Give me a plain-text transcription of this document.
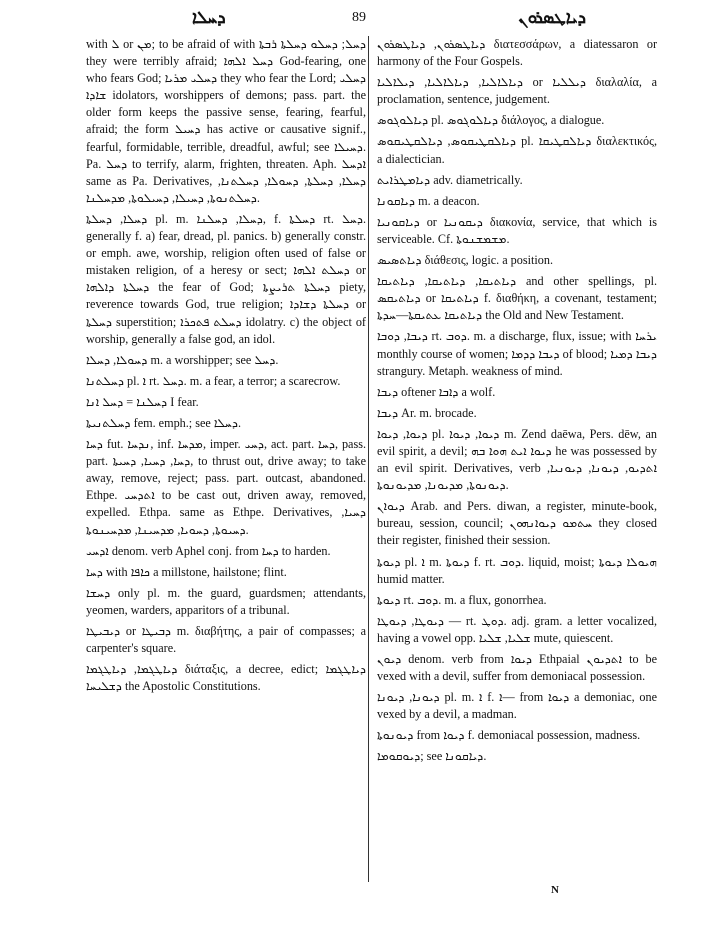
ܕܚܠܐ	89	ܕܝܐܛܣܪܘܢ

with ܠ or ܡܢ; to be afraid of with ܕܚܠ; ܕܚܠܘ ܕܚܠܬܐ ܪܒܬܐ they were terribly afraid; ܕܚܠ ܐܠܗܐ God-fearing, one who fears God; ܕܚܠܝ ܡܪܝܐ they who fear the Lord; ܕܚܠܝ ܫܐܕܐ idolators, worshippers of demons; pass. part. the older form keeps the passive sense, fearing, fearful, afraid; the form ܕܚܝܠ has active or causative signif., fearful, formidable, terrible, dreadful, awful; see ܕܚܝܠܐ. Pa. ܕܚܠ to terrify, alarm, frighten, threaten. Aph. ܐܕܚܠ same as Pa. Derivatives, ܕܚܠܐ, ܕܚܠܬܐ, ܕܚܘܠܐ, ܕܚܠܬܢܐ, ܕܚܠܬܢܘܬܐ, ܕܚܝܠܐ, ܕܚܝܠܘܬܐ, ܡܕܚܠܢܐ.

ܕܚܠܐ, ܕܚܠܬܐ pl. m. ܕܚܠܐ, ܕܚܠܢܐ, f. ܕܚܠܬܐ rt. ܕܚܠ. generally f. a) fear, dread, pl. panics. b) generally constr. or emph. awe, worship, religion often used of false or mistaken religion, of a heresy or sect; ܕܚܠܬ ܐܠܗܐ or ܕܚܠܬܐ ܕܐܠܗܐ the fear of God; ܕܚܠܬܐ ܬܪܝܨܬܐ piety, reverence towards God, true religion; ܕܚܠܬܐ ܕܫܐܕܐ or ܕܚܠܬܐ superstition; ܕܚܠܬ ܦܬܟܪܐ idolatry. c) the object of worship, generally a false god, an idol.

ܕܚܘܠܐ, ܕܚܠܐ m. a worshipper; see ܕܚܠ.

ܕܚܠܬܢܐ pl. ܐ rt. ܕܚܠ. m. a fear, a terror; a scarecrow.

ܕܚܠܢܐ = ܕܚܠ ܐܢܐ I fear.

ܕܚܠܬܢܝܬܐ fem. emph.; see ܕܚܠܐ.

ܕܚܐ fut. ܢܕܚܐ, inf. ܡܕܚܐ, imper. ܕܚܝ, act. part. ܕܚܐ, pass. part. ܕܚܐ, ܕܚܝܐ, ܕܚܝܬܐ, to thrust out, drive away; to take away, remove, reject; pass. part. outcast, abandoned. Ethpe. ܐܬܕܚܝ to be cast out, driven away, removed, expelled. Ethpa. same as Ethpe. Derivatives, ܕܚܝܐ, ܕܚܝܘܬܐ, ܕܚܘܝܐ, ܡܕܚܝܢܐ, ܡܕܚܝܢܘܬܐ.

ܐܕܚܝ denom. verb Aphel conj. from ܕܚܐ to harden.

ܕܚܐ with ܟܐܦܐ a millstone, hailstone; flint.

ܕܚܫܐ only pl. m. the guard, guardsmen; attendants, yeomen, warders, apparitors of a tribunal.

ܕܝܒܝܛܐ or ܕܒܝܛܐ m. διαβήτης, a pair of compasses; a carpenter's square.

ܕܝܐܛܓܡܐ, ܕܝܐܛܓܡܐ διάταξις, a decree, edict; ܕܝܐܛܓܡܐ ܕܫܠܝܚܐ the Apostolic Constitutions.

ܕܝܐܛܣܪܘܢ, ܕܝܐܛܣܪܘܢ διατεσσάρων, a diatessaron or harmony of the Four Gospels.

ܕܝܐܠܐܠܝܐ, ܕܝܐܠܐܠܝܐ, ܕܝܠܐܠܝܐ or ܕܝܠܠܝܐ διαλαλία, a proclamation, sentence, judgement.

ܕܝܐܠܘܓܘܣ pl. ܕܝܐܠܘܓܘܣ διάλογος, a dialogue.

ܕܝܐܠܩܛܝܩܘܣ, ܕܝܐܠܩܛܝܩܘܣ pl. ܕܝܐܠܩܛܝܩܐ διαλεκτικός, a dialectician.

ܕܝܐܡܛܪܐܝܬ adv. diametrically.

ܕܝܐܩܘܢܐ m. a deacon.

ܕܝܐܩܘܢܝܐ or ܕܝܩܘܢܝܐ διακονία, service, that which is serviceable. Cf. ܡܫܡܫܢܘܬܐ.

ܕܝܐܬܣܝܣ διάθεσις, logic. a position.

ܕܝܐܬܝܩܐ, ܕܝܐܬܝܩܐ, ܕܝܐܬܝܩܐ and other spellings, pl. ܕܝܐܬܝܩܣ or ܕܝܐܬܝܩܐ f. διαθήκη, a covenant, testament; ܕܝܐܬܝܩܐ ܥܬܝܩܬܐ—ܚܕܬܐ the Old and New Testament.

ܕܝܒܐ, ܕܘܒܐ rt. ܕܘܒ. m. a discharge, flux, issue; with ܝܪܚܐ monthly course of women; ܕܝܒܐ ܕܕܡܐ of blood; ܕܝܒܐ ܕܡܝܐ strangury. Metaph. weakness of mind.

ܕܝܒܐ oftener ܕܐܒܐ a wolf.

ܕܝܒܐ Ar. m. brocade.

ܕܝܘܐ, ܕܝܘܐ pl. ܕܝܘܐ, ܕܝܘܐ m. Zend daēwa, Pers. dēw, an evil spirit, a devil; ܕܝܘܐ ܐܝܬ ܗܘܐ ܒܗ he was possessed by an evil spirit. Derivatives, verb ܐܬܕܝܘ, ܕܝܘܢܐ, ܕܝܘܢܝܐ, ܕܝܘܢܘܬܐ, ܡܕܝܘܢܐ, ܡܕܝܘܢܘܬܐ.

ܕܝܘܐܢ Arab. and Pers. diwan, a register, minute-book, bureau, session, council; ܚܬܡܘ ܕܝܘܐܢܗܘܢ they closed their register, finished their session.

ܕܝܘܬܐ pl. ܐ m. ܕܝܘܬܐ f. rt. ܕܘܒ. liquid, moist; ܗܝܘܠܐ ܕܝܘܬܐ humid matter.

ܕܝܘܬܐ rt. ܕܘܒ. m. a flux, gonorrhea.

ܕܝܘܛܐ, ܕܝܘܛܐ — rt. ܕܘܛ. adj. gram. a letter vocalized, having a vowel opp. ܫܠܝܐ, ܫܠܝܐ mute, quiescent.

ܕܝܘܢ denom. verb from ܕܝܘܐ Ethpaial ܐܬܕܝܘܢ to be vexed with a devil, suffer from demoniacal possession.

ܕܝܘܢܐ, ܕܝܘܢܐ pl. m. ܐ f. ܐ— from ܕܝܘܐ a demoniac, one vexed by a devil, a madman.

ܕܝܘܢܘܬܐ from ܕܝܘܐ f. demoniacal possession, madness.

ܕܝܘܩܘܡܐ; see ܕܝܐܩܘܢܐ.

N
